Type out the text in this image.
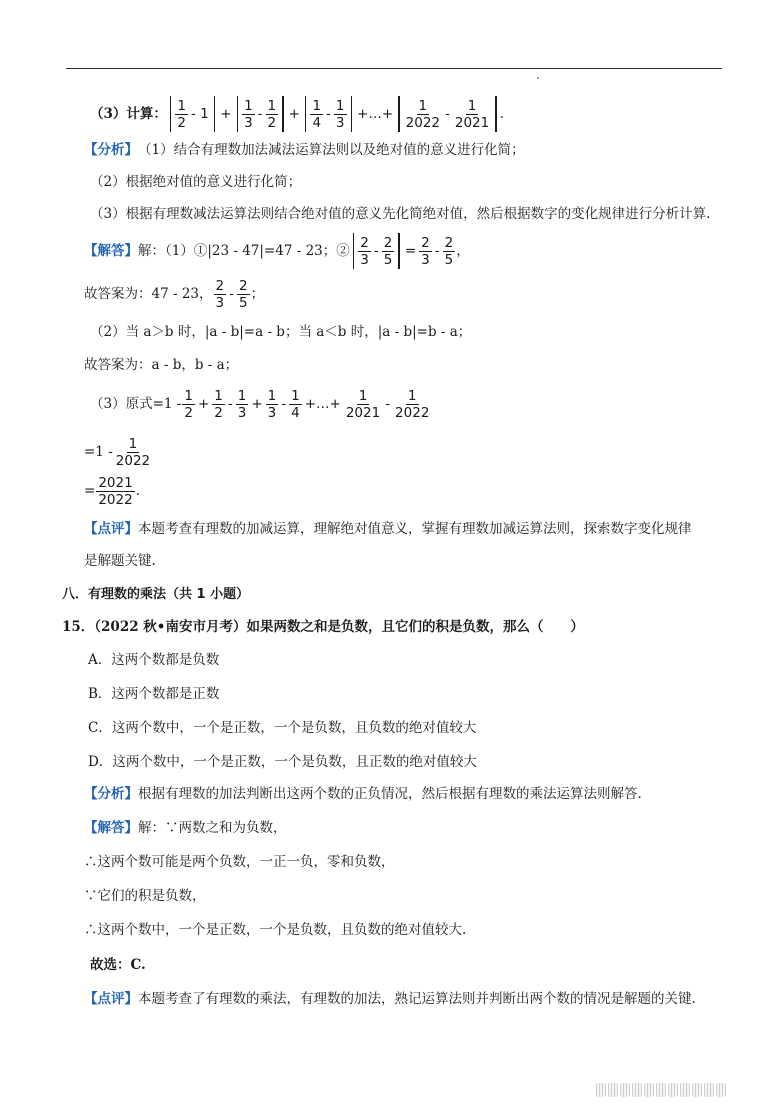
（3）计算： $\frac{1}{2} - 1 + \frac{1}{3} - \frac{1}{2} + \frac{1}{4} - \frac{1}{3}$ +…+ $\frac{1}{2022} - \frac{1}{2021}$ .
【分析】 （1）结合有理数加法减法运算法则以及绝对值的意义进行化简；
（2）根据绝对值的意义进行化简；
（3）根据有理数减法运算法则结合绝对值的意义先化简绝对值，然后根据数字的变化规律进行分析计算.
【解答】 解：（1）①|23 - 47|=47 - 23；② $\frac{2}{3} - \frac{2}{5} = \frac{2}{3} - \frac{2}{5}$ ，
故答案为：47 - 23， $\frac{2}{3} - \frac{2}{5}$ ；
（2）当 a＞b 时，|a - b|=a - b；当 a＜b 时，|a - b|=b - a；
故答案为：a - b，b - a；
（3）原式$=1 - \frac{1}{2} + \frac{1}{2} - \frac{1}{3} + \frac{1}{3} - \frac{1}{4}$ +…+ $\frac{1}{2021} - \frac{1}{2022}$
$=1 - \frac{1}{2022}$
= $\frac{2021}{2022}$ .
【点评】 本题考查有理数的加减运算，理解绝对值意义，掌握有理数加减运算法则，探索数字变化规律
是解题关键.
八．有理数的乘法（共 1 小题）
15．（2022 秋•南安市月考）如果两数之和是负数，且它们的积是负数，那么（　　）
A．这两个数都是负数
B．这两个数都是正数
C．这两个数中，一个是正数，一个是负数，且负数的绝对值较大
D．这两个数中，一个是正数，一个是负数，且正数的绝对值较大
【分析】 根据有理数的加法判断出这两个数的正负情况，然后根据有理数的乘法运算法则解答.
【解答】 解：∵两数之和为负数，
∴这两个数可能是两个负数，一正一负，零和负数，
∵它们的积是负数，
∴这两个数中，一个是正数，一个是负数，且负数的绝对值较大.
故选：C.
【点评】 本题考查了有理数的乘法，有理数的加法，熟记运算法则并判断出两个数的情况是解题的关键.
